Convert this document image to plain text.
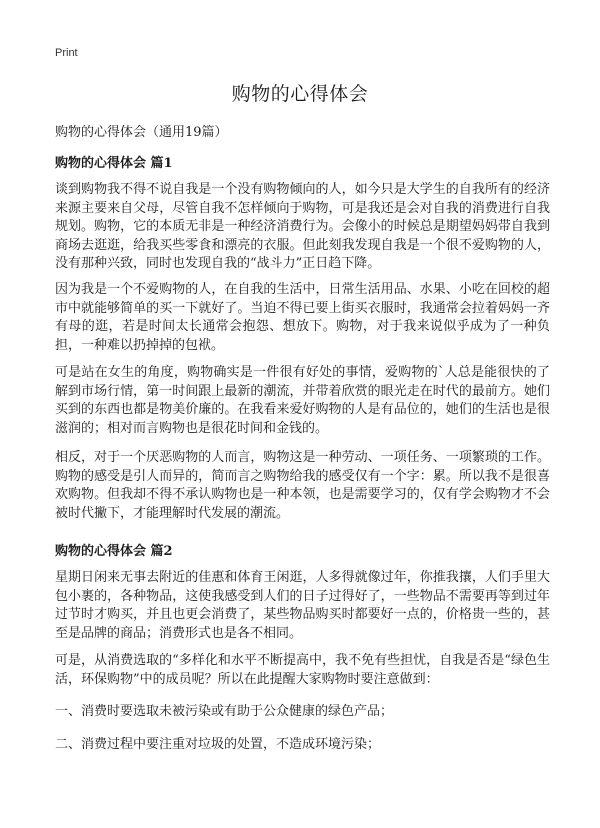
Print
购物的心得体会

购物的心得体会（通用19篇）

购物的心得体会 篇1

谈到购物我不得不说自我是一个没有购物倾向的人，如今只是大学生的自我所有的经济来源主要来自父母，尽管自我不怎样倾向于购物，可是我还是会对自我的消费进行自我规划。购物，它的本质无非是一种经济消费行为。会像小的时候总是期望妈妈带自我到商场去逛逛，给我买些零食和漂亮的衣服。但此刻我发现自我是一个很不爱购物的人，没有那种兴致，同时也发现自我的“战斗力”正日趋下降。

因为我是一个不爱购物的人，在自我的生活中，日常生活用品、水果、小吃在回校的超市中就能够简单的买一下就好了。当迫不得已要上街买衣服时，我通常会拉着妈妈一齐有母的逛，若是时间太长通常会抱怨、想放下。购物，对于我来说似乎成为了一种负担，一种难以扔掉掉的包袱。

可是站在女生的角度，购物确实是一件很有好处的事情，爱购物的`人总是能很快的了解到市场行情，第一时间跟上最新的潮流，并带着欣赏的眼光走在时代的最前方。她们买到的东西也都是物美价廉的。在我看来爱好购物的人是有品位的，她们的生活也是很滋润的；相对而言购物也是很花时间和金钱的。

相反，对于一个厌恶购物的人而言，购物这是一种劳动、一项任务、一项繁琐的工作。购物的感受是引人而异的，简而言之购物给我的感受仅有一个字：累。所以我不是很喜欢购物。但我却不得不承认购物也是一种本领，也是需要学习的，仅有学会购物才不会被时代撇下，才能理解时代发展的潮流。

购物的心得体会 篇2

星期日闲来无事去附近的佳惠和体育王闲逛，人多得就像过年，你推我攘，人们手里大包小裹的，各种物品，这使我感受到人们的日子过得好了，一些物品不需要再等到过年过节时才购买，并且也更会消费了，某些物品购买时都要好一点的，价格贵一些的，甚至是品牌的商品；消费形式也是各不相同。

可是，从消费选取的“多样化和水平不断提高中，我不免有些担忧，自我是否是“绿色生活，环保购物”中的成员呢？所以在此提醒大家购物时要注意做到：

一、消费时要选取未被污染或有助于公众健康的绿色产品；

二、消费过程中要注重对垃圾的处置，不造成环境污染；
